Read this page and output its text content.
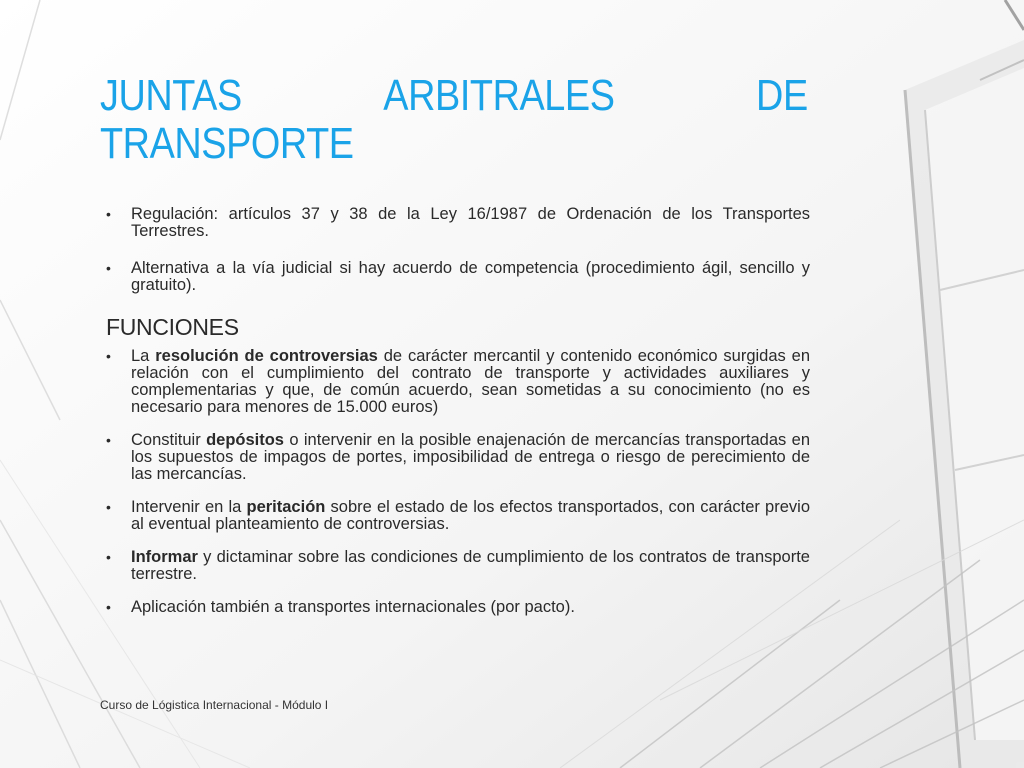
JUNTAS	ARBITRALES	DE
TRANSPORTE
• Regulación: artículos 37 y 38 de la Ley 16/1987 de Ordenación de los Transportes Terrestres.
• Alternativa a la vía judicial si hay acuerdo de competencia (procedimiento ágil, sencillo y gratuito).
FUNCIONES
• La resolución de controversias de carácter mercantil y contenido económico surgidas en relación con el cumplimiento del contrato de transporte y actividades auxiliares y complementarias y que, de común acuerdo, sean sometidas a su conocimiento (no es necesario para menores de 15.000 euros)
• Constituir depósitos o intervenir en la posible enajenación de mercancías transportadas en los supuestos de impagos de portes, imposibilidad de entrega o riesgo de perecimiento de las mercancías.
• Intervenir en la peritación sobre el estado de los efectos transportados, con carácter previo al eventual planteamiento de controversias.
• Informar y dictaminar sobre las condiciones de cumplimiento de los contratos de transporte terrestre.
• Aplicación también a transportes internacionales (por pacto).
Curso de Lógistica Internacional - Módulo I
